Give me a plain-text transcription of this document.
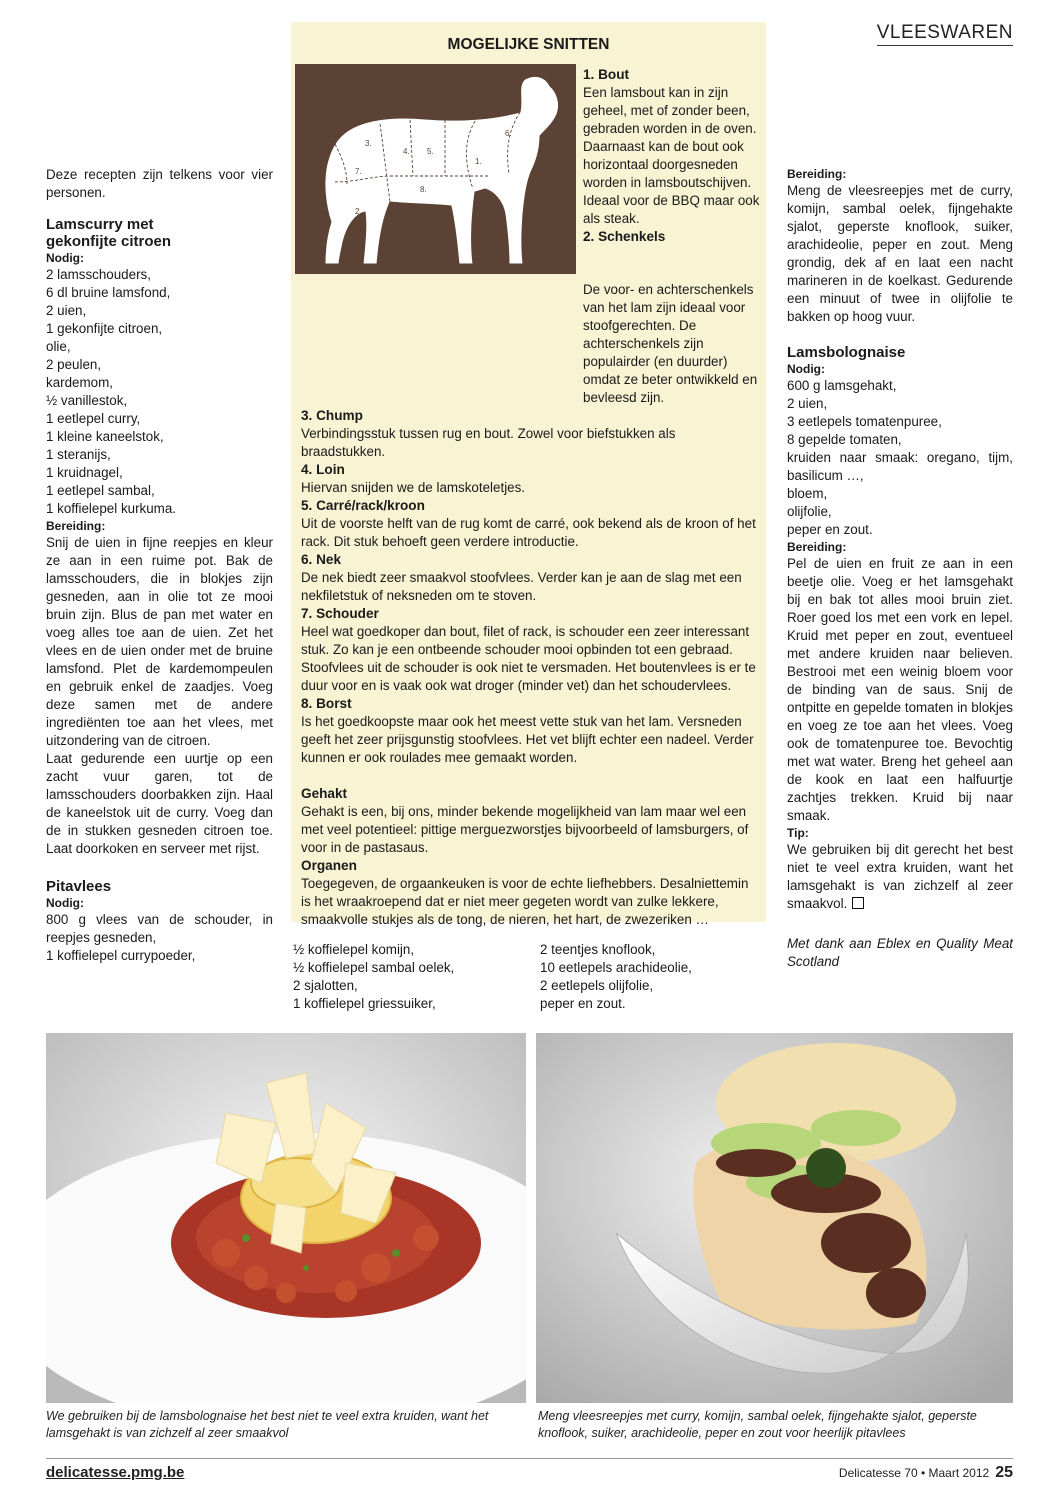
VLEESWAREN

Deze recepten zijn telkens voor vier personen.

Lamscurry met
gekonfijte citroen
Nodig:
2 lamsschouders,
6 dl bruine lamsfond,
2 uien,
1 gekonfijte citroen,
olie,
2 peulen,
kardemom,
½ vanillestok,
1 eetlepel curry,
1 kleine kaneelstok,
1 steranijs,
1 kruidnagel,
1 eetlepel sambal,
1 koffielepel kurkuma.
Bereiding:

Snij de uien in fijne reepjes en kleur ze aan in een ruime pot. Bak de lamsschouders, die in blokjes zijn gesneden, aan in olie tot ze mooi bruin zijn. Blus de pan met water en voeg alles toe aan de uien. Zet het vlees en de uien onder met de bruine lamsfond. Plet de kardemompeulen en gebruik enkel de zaadjes. Voeg deze samen met de andere ingrediënten toe aan het vlees, met uitzondering van de citroen.

Laat gedurende een uurtje op een zacht vuur garen, tot de lamsschouders doorbakken zijn. Haal de kaneelstok uit de curry. Voeg dan de in stukken gesneden citroen toe. Laat doorkoken en serveer met rijst.

Pitavlees
Nodig:
800 g vlees van de schouder, in reepjes gesneden,
1 koffielepel currypoeder,
MOGELIJKE SNITTEN
1.
2.
3.
4. 5.
6.
7.
8.
1. Bout
Een lamsbout kan in zijn geheel, met of zonder been, gebraden worden in de oven. Daarnaast kan de bout ook horizontaal doorgesneden worden in lamsboutschijven. Ideaal voor de BBQ maar ook als steak.
2. Schenkels
De voor- en achterschenkels van het lam zijn ideaal voor stoofgerechten. De achterschenkels zijn populairder (en duurder) omdat ze beter ontwikkeld en bevleesd zijn.
3. Chump
Verbindingsstuk tussen rug en bout. Zowel voor biefstukken als braadstukken.
4. Loin
Hiervan snijden we de lamskoteletjes.
5. Carré/rack/kroon
Uit de voorste helft van de rug komt de carré, ook bekend als de kroon of het rack. Dit stuk behoeft geen verdere introductie.
6. Nek
De nek biedt zeer smaakvol stoofvlees. Verder kan je aan de slag met een nekfiletstuk of neksneden om te stoven.
7. Schouder
Heel wat goedkoper dan bout, filet of rack, is schouder een zeer interessant stuk. Zo kan je een ontbeende schouder mooi opbinden tot een gebraad. Stoofvlees uit de schouder is ook niet te versmaden. Het boutenvlees is er te duur voor en is vaak ook wat droger (minder vet) dan het schoudervlees.
8. Borst
Is het goedkoopste maar ook het meest vette stuk van het lam. Versneden geeft het zeer prijsgunstig stoofvlees. Het vet blijft echter een nadeel. Verder kunnen er ook roulades mee gemaakt worden.
Gehakt
Gehakt is een, bij ons, minder bekende mogelijkheid van lam maar wel een met veel potentieel: pittige merguezworstjes bijvoorbeeld of lamsburgers, of voor in de pastasaus.
Organen
Toegegeven, de orgaankeuken is voor de echte liefhebbers. Desalniettemin is het wraakroepend dat er niet meer gegeten wordt van zulke lekkere, smaakvolle stukjes als de tong, de nieren, het hart, de zwezeriken …
½ koffielepel komijn,
½ koffielepel sambal oelek,
2 sjalotten,
1 koffielepel griessuiker,
2 teentjes knoflook,
10 eetlepels arachideolie,
2 eetlepels olijfolie,
peper en zout.
Bereiding:

Meng de vleesreepjes met de curry, komijn, sambal oelek, fijngehakte sjalot, geperste knoflook, suiker, arachideolie, peper en zout. Meng grondig, dek af en laat een nacht marineren in de koelkast. Gedurende een minuut of twee in olijfolie te bakken op hoog vuur.

Lamsbolognaise
Nodig:
600 g lamsgehakt,
2 uien,
3 eetlepels tomatenpuree,
8 gepelde tomaten,
kruiden naar smaak: oregano, tijm, basilicum …,
bloem,
olijfolie,
peper en zout.
Bereiding:

Pel de uien en fruit ze aan in een beetje olie. Voeg er het lamsgehakt bij en bak tot alles mooi bruin ziet. Roer goed los met een vork en lepel. Kruid met peper en zout, eventueel met andere kruiden naar believen. Bestrooi met een weinig bloem voor de binding van de saus. Snij de ontpitte en gepelde tomaten in blokjes en voeg ze toe aan het vlees. Voeg ook de tomatenpuree toe. Bevochtig met wat water. Breng het geheel aan de kook en laat een halfuurtje zachtjes trekken. Kruid bij naar smaak.

Tip:

We gebruiken bij dit gerecht het best niet te veel extra kruiden, want het lamsgehakt is van zichzelf al zeer smaakvol.

Met dank aan Eblex en Quality Meat Scotland

We gebruiken bij de lamsbolognaise het best niet te veel extra kruiden, want het lamsgehakt is van zichzelf al zeer smaakvol
Meng vleesreepjes met curry, komijn, sambal oelek, fijngehakte sjalot, geperste knoflook, suiker, arachideolie, peper en zout voor heerlijk pitavlees
delicatesse.pmg.be	Delicatesse 70 • Maart 2012 25
